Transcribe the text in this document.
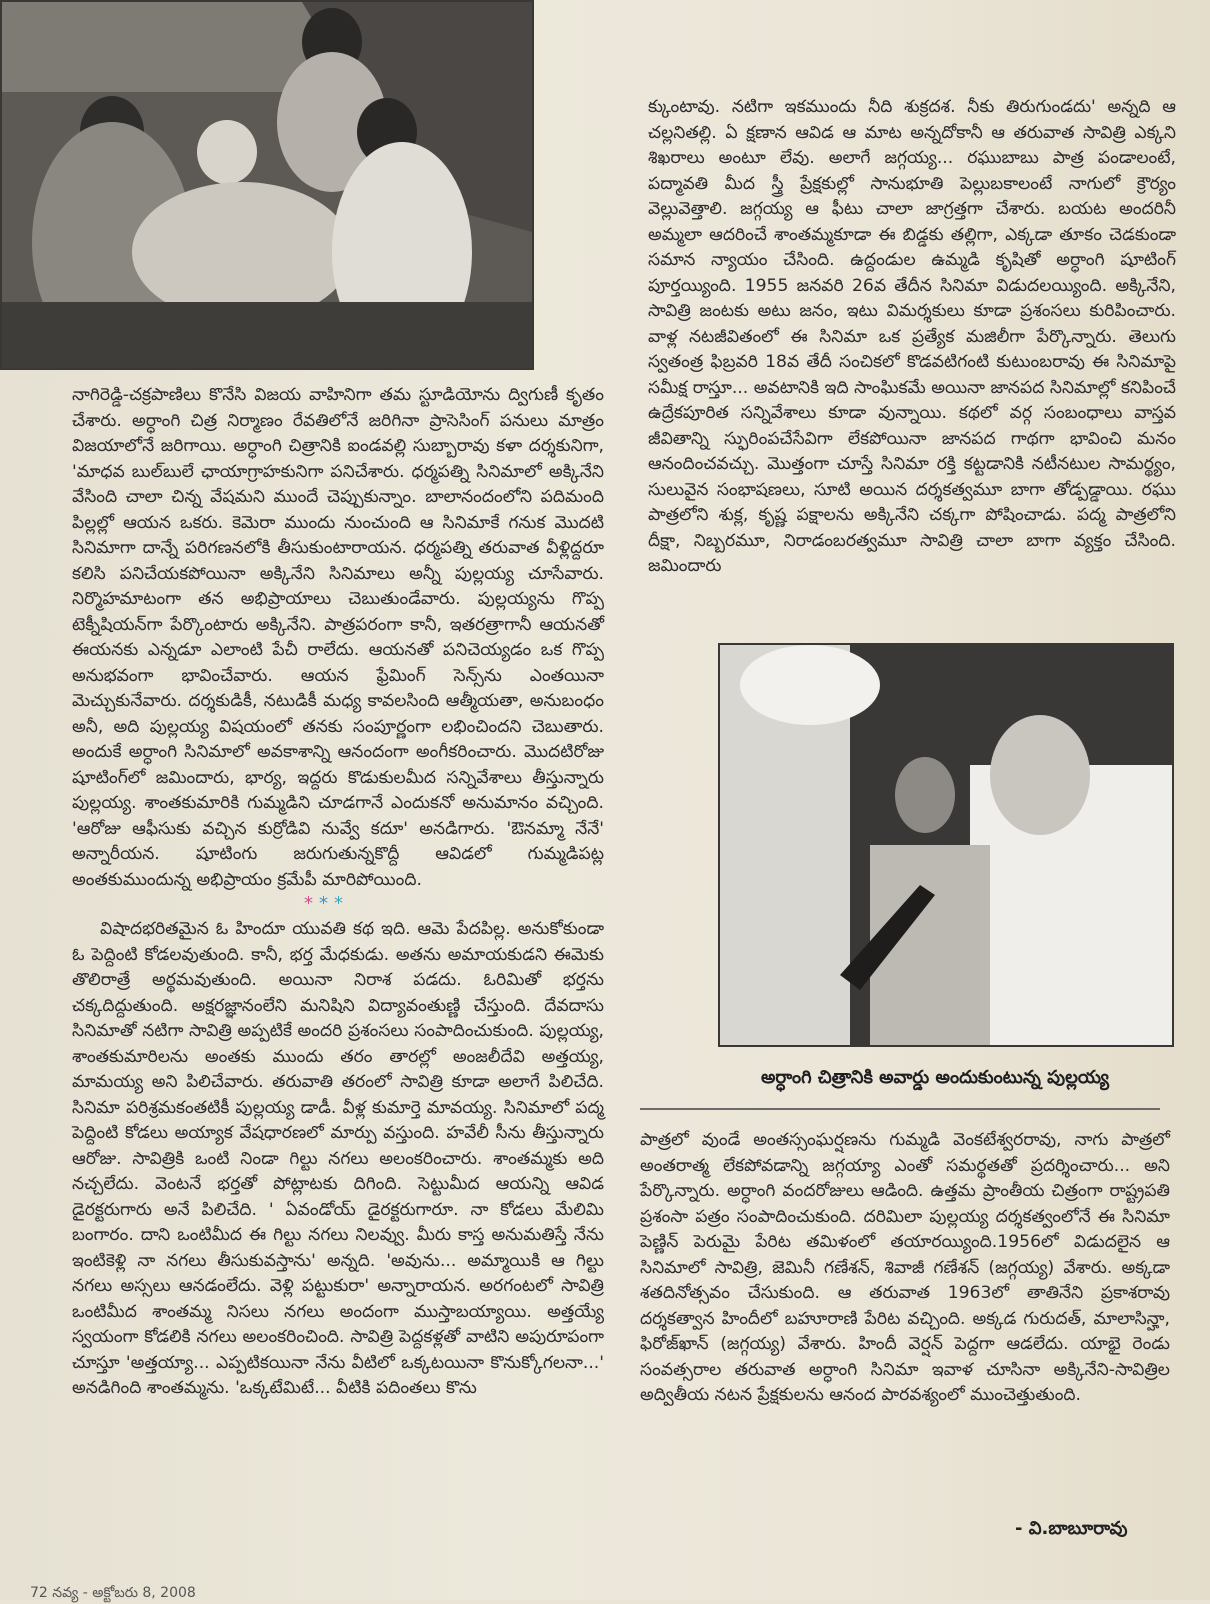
నాగిరెడ్డి-చక్రపాణిలు కొనేసి విజయ వాహినిగా తమ స్టూడియోను ద్విగుణీ కృతం చేశారు. అర్ధాంగి చిత్ర నిర్మాణం రేవతిలోనే జరిగినా ప్రాసెసింగ్ పనులు మాత్రం విజయాలోనే జరిగాయి. అర్ధాంగి చిత్రానికి ఐండవల్లి సుబ్బారావు కళా దర్శకునిగా, 'మాధవ బుల్‌బులే ఛాయాగ్రాహకునిగా పనిచేశారు. ధర్మపత్ని సినిమాలో అక్కినేని వేసింది చాలా చిన్న వేషమని ముందే చెప్పుకున్నాం. బాలానందంలోని పదిమంది పిల్లల్లో ఆయన ఒకరు. కెమెరా ముందు నుంచుంది ఆ సినిమాకే గనుక మొదటి సినిమాగా దాన్నే పరిగణనలోకి తీసుకుంటారాయన. ధర్మపత్ని తరువాత వీళ్లిద్దరూ కలిసి పనిచేయకపోయినా అక్కినేని సినిమాలు అన్నీ పుల్లయ్య చూసేవారు. నిర్మొహమాటంగా తన అభిప్రాయాలు చెబుతుండేవారు. పుల్లయ్యను గొప్ప టెక్నీషియన్‌గా పేర్కొంటారు అక్కినేని. పాత్రపరంగా కానీ, ఇతరత్రాగానీ ఆయనతో ఈయనకు ఎన్నడూ ఎలాంటి పేచీ రాలేదు. ఆయనతో పనిచెయ్యడం ఒక గొప్ప అనుభవంగా భావించేవారు. ఆయన ఫ్రేమింగ్ సెన్స్‌ను ఎంతయినా మెచ్చుకునేవారు. దర్శకుడికీ, నటుడికీ మధ్య కావలసింది ఆత్మీయతా, అనుబంధం అనీ, అది పుల్లయ్య విషయంలో తనకు సంపూర్ణంగా లభించిందని చెబుతారు. అందుకే అర్ధాంగి సినిమాలో అవకాశాన్ని ఆనందంగా అంగీకరించారు. మొదటిరోజు షూటింగ్‌లో జమిందారు, భార్య, ఇద్దరు కొడుకులమీద సన్నివేశాలు తీస్తున్నారు పుల్లయ్య. శాంతకుమారికి గుమ్మడిని చూడగానే ఎందుకనో అనుమానం వచ్చింది. 'ఆరోజు ఆఫీసుకు వచ్చిన కుర్రోడివి నువ్వే కదూ' అనడిగారు. 'ఔనమ్మా నేనే' అన్నారీయన. షూటింగు జరుగుతున్నకొద్దీ ఆవిడలో గుమ్మడిపట్ల అంతకుముందున్న అభిప్రాయం క్రమేపీ మారిపోయింది.

***

విషాదభరితమైన ఓ హిందూ యువతి కథ ఇది. ఆమె పేదపిల్ల. అనుకోకుండా ఓ పెద్దింటి కోడలవుతుంది. కానీ, భర్త మేధకుడు. అతను అమాయకుడని ఈమెకు తొలిరాత్రే అర్థమవుతుంది. అయినా నిరాశ పడదు. ఓరిమితో భర్తను చక్కదిద్దుతుంది. అక్షరజ్ఞానంలేని మనిషిని విద్యావంతుణ్ణి చేస్తుంది. దేవదాసు సినిమాతో నటిగా సావిత్రి అప్పటికే అందరి ప్రశంసలు సంపాదించుకుంది. పుల్లయ్య, శాంతకుమారిలను అంతకు ముందు తరం తారల్లో అంజలీదేవి అత్తయ్య, మామయ్య అని పిలిచేవారు. తరువాతి తరంలో సావిత్రి కూడా అలాగే పిలిచేది. సినిమా పరిశ్రమకంతటికీ పుల్లయ్య డాడీ. వీళ్ల కుమార్తె మావయ్య. సినిమాలో పద్మ పెద్దింటి కోడలు అయ్యాక వేషధారణలో మార్పు వస్తుంది. హవేలీ సీను తీస్తున్నారు ఆరోజు. సావిత్రికి ఒంటి నిండా గిల్టు నగలు అలంకరించారు. శాంతమ్మకు అది నచ్చలేదు. వెంటనే భర్తతో పోట్లాటకు దిగింది. సెట్టుమీద ఆయన్ని ఆవిడ డైరక్టరుగారు అనే పిలిచేది. ' ఏవండోయ్ డైరక్టరుగారూ. నా కోడలు మేలిమి బంగారం. దాని ఒంటిమీద ఈ గిల్టు నగలు నిలవ్వు. మీరు కాస్త అనుమతిస్తే నేను ఇంటికెళ్లి నా నగలు తీసుకువస్తాను' అన్నది. 'అవును... అమ్మాయికి ఆ గిల్టు నగలు అస్సలు ఆనడంలేదు. వెళ్లి పట్టుకురా' అన్నారాయన. అరగంటలో సావిత్రి ఒంటిమీద శాంతమ్మ నిసలు నగలు అందంగా ముస్తాబయ్యాయి. అత్తయ్యే స్వయంగా కోడలికి నగలు అలంకరించింది. సావిత్రి పెద్దకళ్లతో వాటిని అపురూపంగా చూస్తూ 'అత్తయ్యా... ఎప్పటికయినా నేను వీటిలో ఒక్కటయినా కొనుక్కోగలనా...' అనడిగింది శాంతమ్మను. 'ఒక్కటేమిటే... వీటికి పదింతలు కొను

క్కుంటావు. నటిగా ఇకముందు నీది శుక్రదశ. నీకు తిరుగుండదు' అన్నది ఆ చల్లనితల్లి. ఏ క్షణాన ఆవిడ ఆ మాట అన్నదోకానీ ఆ తరువాత సావిత్రి ఎక్కని శిఖరాలు అంటూ లేవు. అలాగే జగ్గయ్య... రఘుబాబు పాత్ర పండాలంటే, పద్మావతి మీద స్త్రీ ప్రేక్షకుల్లో సానుభూతి పెల్లుబకాలంటే నాగులో క్రౌర్యం వెల్లువెత్తాలి. జగ్గయ్య ఆ ఫీటు చాలా జాగ్రత్తగా చేశారు. బయట అందరినీ అమ్మలా ఆదరించే శాంతమ్మకూడా ఈ బిడ్డకు తల్లిగా, ఎక్కడా తూకం చెడకుండా సమాన న్యాయం చేసింది. ఉద్దండుల ఉమ్మడి కృషితో అర్ధాంగి షూటింగ్ పూర్తయ్యింది. 1955 జనవరి 26వ తేదీన సినిమా విడుదలయ్యింది. అక్కినేని, సావిత్రి జంటకు అటు జనం, ఇటు విమర్శకులు కూడా ప్రశంసలు కురిపించారు. వాళ్ల నటజీవితంలో ఈ సినిమా ఒక ప్రత్యేక మజిలీగా పేర్కొన్నారు. తెలుగు స్వతంత్ర ఫిబ్రవరి 18వ తేదీ సంచికలో కొడవటిగంటి కుటుంబరావు ఈ సినిమాపై సమీక్ష రాస్తూ... అవటానికి ఇది సాంఘికమే అయినా జానపద సినిమాల్లో కనిపించే ఉద్రేకపూరిత సన్నివేశాలు కూడా వున్నాయి. కథలో వర్గ సంబంధాలు వాస్తవ జీవితాన్ని స్ఫురింపచేసేవిగా లేకపోయినా జానపద గాథగా భావించి మనం ఆనందించవచ్చు. మొత్తంగా చూస్తే సినిమా రక్తి కట్టడానికి నటీనటుల సామర్థ్యం, సులువైన సంభాషణలు, సూటి అయిన దర్శకత్వమూ బాగా తోడ్పడ్డాయి. రఘు పాత్రలోని శుక్ల, కృష్ణ పక్షాలను అక్కినేని చక్కగా పోషించాడు. పద్మ పాత్రలోని దీక్షా, నిబ్బరమూ, నిరాడంబరత్వమూ సావిత్రి చాలా బాగా వ్యక్తం చేసింది. జమిందారు

అర్ధాంగి చిత్రానికి అవార్డు అందుకుంటున్న పుల్లయ్య

పాత్రలో వుండే అంతస్సంఘర్షణను గుమ్మడి వెంకటేశ్వరరావు, నాగు పాత్రలో అంతరాత్మ లేకపోవడాన్ని జగ్గయ్యా ఎంతో సమర్థతతో ప్రదర్శించారు... అని పేర్కొన్నారు. అర్ధాంగి వందరోజులు ఆడింది. ఉత్తమ ప్రాంతీయ చిత్రంగా రాష్ట్రపతి ప్రశంసా పత్రం సంపాదించుకుంది. దరిమిలా పుల్లయ్య దర్శకత్వంలోనే ఈ సినిమా పెణ్ణిన్ పెరుమై పేరిట తమిళంలో తయారయ్యింది.1956లో విడుదలైన ఆ సినిమాలో సావిత్రి, జెమినీ గణేశన్, శివాజీ గణేశన్ (జగ్గయ్య) వేశారు. అక్కడా శతదినోత్సవం చేసుకుంది. ఆ తరువాత 1963లో తాతినేని ప్రకాశరావు దర్శకత్వాన హిందీలో బహూరాణి పేరిట వచ్చింది. అక్కడ గురుదత్, మాలాసిన్హా, ఫిరోజ్‌ఖాన్ (జగ్గయ్య) వేశారు. హిందీ వెర్షన్ పెద్దగా ఆడలేదు. యాభై రెండు సంవత్సరాల తరువాత అర్ధాంగి సినిమా ఇవాళ చూసినా అక్కినేని-సావిత్రిల అద్వితీయ నటన ప్రేక్షకులను ఆనంద పారవశ్యంలో ముంచెత్తుతుంది.

- వి.బాబూరావు
72 నవ్య - అక్టోబరు 8, 2008
